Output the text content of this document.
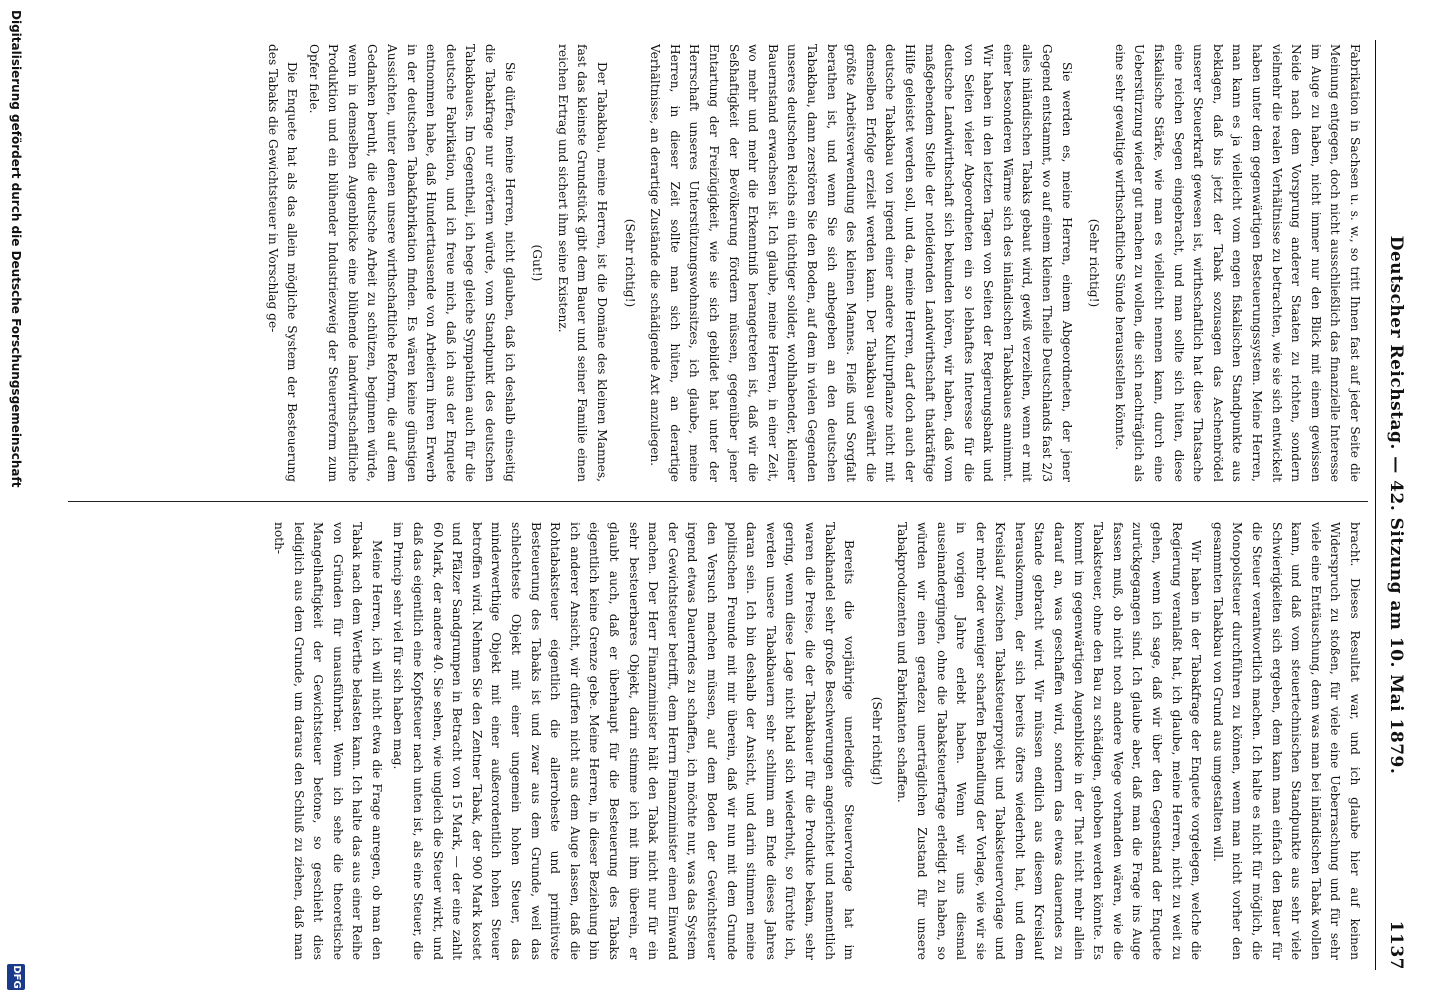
Deutscher Reichstag. — 42. Sitzung am 10. Mai 1879.
1137

Fabrikation in Sachsen u. s. w., so tritt Ihnen fast auf jeder Seite die Meinung entgegen, doch nicht ausschließlich das finanzielle Interesse im Auge zu haben, nicht immer nur den Blick mit einem gewissen Neide nach dem Vorsprung anderer Staaten zu richten, sondern vielmehr die realen Verhältnisse zu betrachten, wie sie sich entwickelt haben unter dem gegenwärtigen Besteuerungssystem. Meine Herren, man kann es ja vielleicht vom engen fiskalischen Standpunkte aus beklagen, daß bis jetzt der Tabak sozusagen das Aschenbrödel unserer Steuerkraft gewesen ist, wirthschaftlich hat diese Thatsache eine reichen Segen eingebracht, und man sollte sich hüten, diese fiskalische Stärke, wie man es vielleicht nennen kann, durch eine Ueberstürzung wieder gut machen zu wollen, die sich nachträglich als eine sehr gewaltige wirthschaftliche Sünde herausstellen könnte.

(Sehr richtig!)

Sie werden es, meine Herren, einem Abgeordneten, der jener Gegend entstammt, wo auf einem kleinen Theile Deutschlands fast 2/3 alles inländischen Tabaks gebaut wird, gewiß verzeihen, wenn er mit einer besonderen Wärme sich des inländischen Tabakbaues annimmt. Wir haben in den letzten Tagen von Seiten der Regierungsbank und von Seiten vieler Abgeordneten ein so lebhaftes Interesse für die deutsche Landwirthschaft sich bekunden hören, wir haben, daß vom maßgebendem Stelle der notleidenden Landwirthschaft thatkräftige Hilfe geleistet werden soll, und da, meine Herren, darf doch auch der deutsche Tabakbau von irgend einer andere Kulturpflanze nicht mit demselben Erfolge erzielt werden kann. Der Tabakbau gewährt die größte Arbeitsverwendung des kleinen Mannes. Fleiß und Sorgfalt berathen ist, und wenn Sie sich anbegeben an den deutschen Tabakbau, dann zerstören Sie den Boden, auf dem in vielen Gegenden unseres deutschen Reichs ein tüchtiger solider, wohlhabender, kleiner Bauernstand erwachsen ist. Ich glaube, meine Herren, in einer Zeit, wo mehr und mehr die Erkenntniß herangetreten ist, daß wir die Seßhaftigkeit der Bevölkerung fördern müssen, gegenüber jener Entartung der Freizügigkeit, wie sie sich gebildet hat unter der Herrschaft unseres Unterstützungswohnsitzes, ich glaube, meine Herren, in dieser Zeit sollte man sich hüten, an derartige Verhältnisse, an derartige Zustände die schädigende Axt anzulegen.

(Sehr richtig!)

Der Tabakbau, meine Herren, ist die Domäne des kleinen Mannes, fast das kleinste Grundstück gibt dem Bauer und seiner Familie einen reichen Ertrag und sichert ihm seine Existenz.

(Gut!)

Sie dürfen, meine Herren, nicht glauben, daß ich deshalb einseitig die Tabakfrage nur erörtern würde, vom Standpunkt des deutschen Tabakbaues. Im Gegentheil, ich hege gleiche Sympathien auch für die deutsche Fabrikation, und ich freue mich, daß ich aus der Enquete entnommen habe, daß Hunderttausende von Arbeitern ihren Erwerb in der deutschen Tabakfabrikation finden. Es wären keine günstigen Aussichten, unter denen unsere wirthschaftliche Reform, die auf dem Gedanken beruht, die deutsche Arbeit zu schützen, beginnen würde, wenn in demselben Augenblicke eine blühende landwirthschaftliche Produktion und ein blühender Industriezweig der Steuerreform zum Opfer fiele.

Die Enquete hat als das allein mögliche System der Besteuerung des Tabaks die Gewichtsteuer in Vorschlag ge-

bracht. Dieses Resultat war, und ich glaube hier auf keinen Widerspruch zu stoßen, für viele eine Ueberraschung und für sehr viele eine Enttäuschung, denn was man bei inländischen Tabak wollen kann, und daß vom steuertechnischen Standpunkte aus sehr viele Schwierigkeiten sich ergeben, dem kann man einfach den Bauer für die Steuer verantwortlich machen. Ich halte es nicht für möglich, die Monopolsteuer durchführen zu können, wenn man nicht vorher den gesammten Tabakbau von Grund aus umgestalten will.

Wir haben in der Tabakfrage der Enquete vorgelegen, welche die Regierung veranlaßt hat, ich glaube, meine Herren, nicht zu weit zu gehen, wenn ich sage, daß wir über den Gegenstand der Enquete zurückgegangen sind. Ich glaube aber, daß man die Frage ins Auge fassen muß, ob nicht noch andere Wege vorhanden wären, wie die Tabaksteuer, ohne den Bau zu schädigen, gehoben werden könnte. Es kommt im gegenwärtigen Augenblicke in der That nicht mehr allein darauf an, was geschaffen wird, sondern das etwas dauerndes zu Stande gebracht wird. Wir müssen endlich aus diesem Kreislauf herauskommen, der sich bereits öfters wiederholt hat, und dem Kreislauf zwischen Tabaksteuerprojekt und Tabaksteuervorlage und der mehr oder weniger scharfen Behandlung der Vorlage, wie wir sie in vorigen Jahre erlebt haben. Wenn wir uns diesmal auseinandergingen, ohne die Tabaksteuerfrage erledigt zu haben, so würden wir einen geradezu unerträglichen Zustand für unsere Tabakproduzenten und Fabrikanten schaffen.

(Sehr richtig!)

Bereits die vorjährige unerledigte Steuervorlage hat im Tabakhandel sehr große Beschwerungen angerichtet und namentlich waren die Preise, die der Tabakbauer für die Produkte bekam, sehr gering, wenn diese Lage nicht bald sich wiederholt, so fürchte ich, werden unsere Tabakbauern sehr schlimm am Ende dieses Jahres daran sein. Ich bin deshalb der Ansicht, und darin stimmen meine politischen Freunde mit mir überein, daß wir nun mit dem Grunde den Versuch machen müssen, auf dem Boden der Gewichtsteuer irgend etwas Dauerndes zu schaffen, ich möchte nur, was das System der Gewichtsteuer betrifft, dem Herrn Finanzminister einen Einwand machen. Der Herr Finanzminister hält den Tabak nicht nur für ein sehr besteuerbares Objekt, darin stimme ich mit ihm überein, er glaubt auch, daß er überhaupt für die Besteuerung des Tabaks eigentlich keine Grenze gebe. Meine Herren, in dieser Beziehung bin ich anderer Ansicht, wir dürfen nicht aus dem Auge lassen, daß die Rohtabaksteuer eigentlich die allerroheste und primitivste Besteuerung des Tabaks ist und zwar aus dem Grunde, weil das schlechteste Objekt mit einer ungemein hohen Steuer, das minderwerthige Objekt mit einer außerordentlich hohen Steuer betroffen wird. Nehmen Sie den Zentner Tabak, der 900 Mark kostet und Pfälzer Sandgrumpen in Betracht von 15 Mark, — der eine zahlt 60 Mark, der andere 40. Sie sehen, wie ungleich die Steuer wirkt, und daß das eigentlich eine Kopfsteuer nach unten ist, als eine Steuer, die im Princip sehr viel für sich haben mag.

Meine Herren, ich will nicht etwa die Frage anregen, ob man den Tabak nach dem Werthe belasten kann. Ich halte das aus einer Reihe von Gründen für unausführbar. Wenn ich sehe die theoretische Mangelhaftigkeit der Gewichtsteuer betone, so geschieht dies lediglich aus dem Grunde, um daraus den Schluß zu ziehen, daß man noth-

Digitalisierung gefördert durch die Deutsche Forschungsgemeinschaft
DFG
